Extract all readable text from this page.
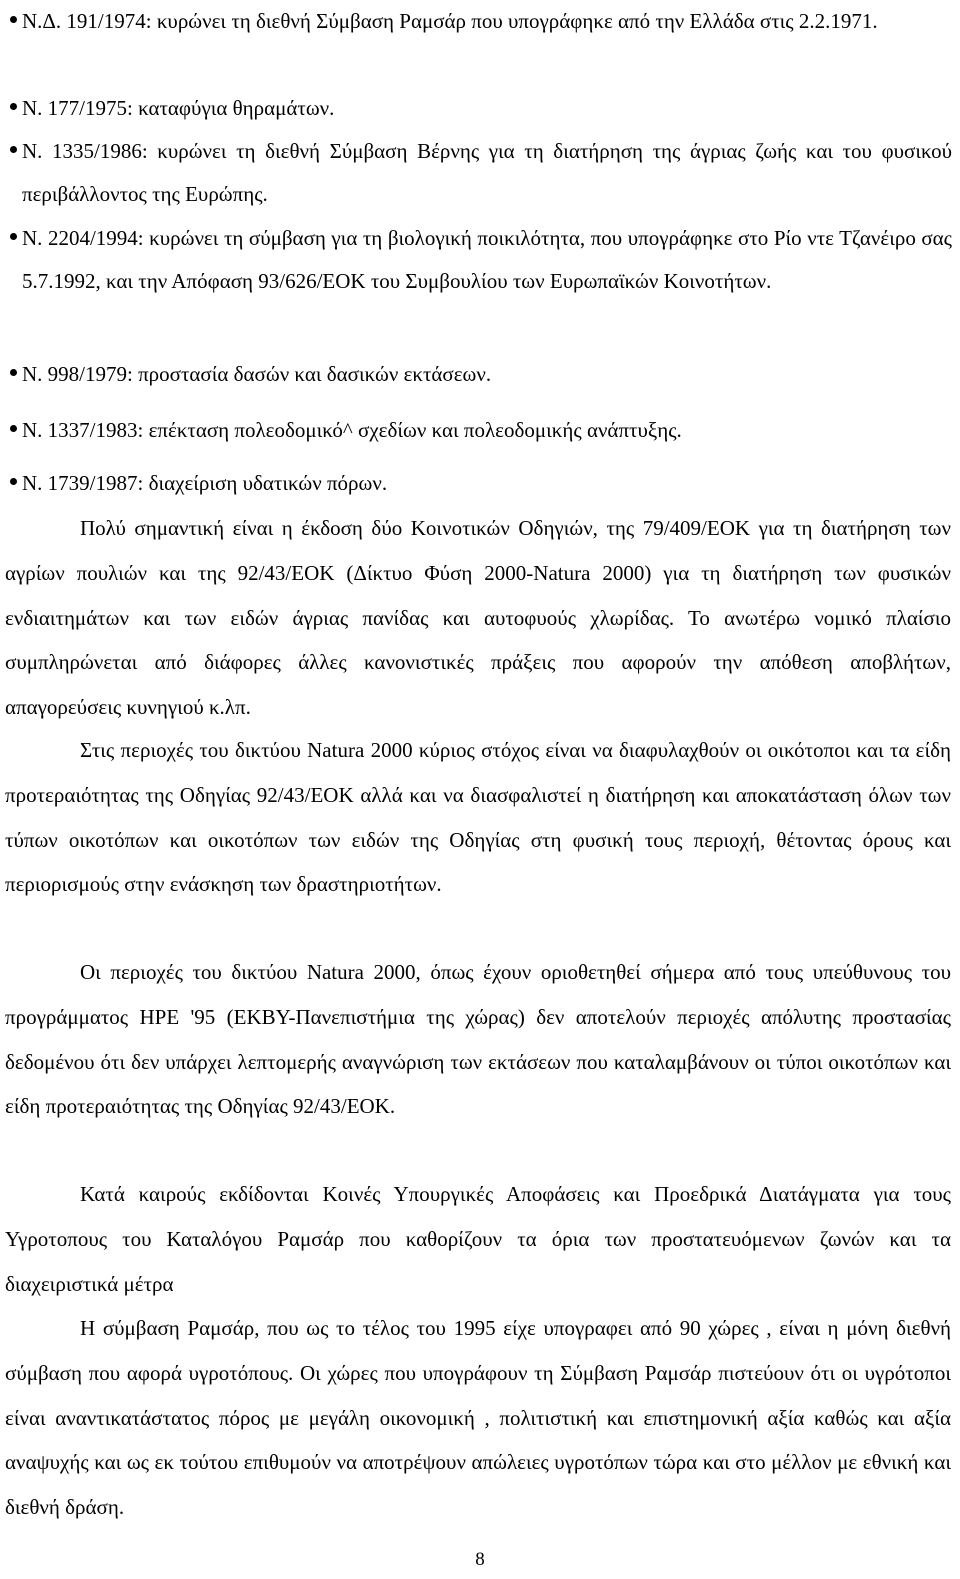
Ν.Δ. 191/1974: κυρώνει τη διεθνή Σύμβαση Ραμσάρ που υπογράφηκε από την Ελλάδα στις 2.2.1971.
Ν. 177/1975: καταφύγια θηραμάτων.
Ν. 1335/1986: κυρώνει τη διεθνή Σύμβαση Βέρνης για τη διατήρηση της άγριας ζωής και του φυσικού περιβάλλοντος της Ευρώπης.
Ν. 2204/1994: κυρώνει τη σύμβαση για τη βιολογική ποικιλότητα, που υπογράφηκε στο Ρίο ντε Τζανέιρο σας 5.7.1992, και την Απόφαση 93/626/ΕΟΚ του Συμβουλίου των Ευρωπαϊκών Κοινοτήτων.
Ν. 998/1979: προστασία δασών και δασικών εκτάσεων.
Ν. 1337/1983: επέκταση πολεοδομικό^ σχεδίων και πολεοδομικής ανάπτυξης.
Ν. 1739/1987: διαχείριση υδατικών πόρων.

Πολύ σημαντική είναι η έκδοση δύο Κοινοτικών Οδηγιών, της 79/409/ΕΟΚ για τη διατήρηση των αγρίων πουλιών και της 92/43/ΕΟΚ (Δίκτυο Φύση 2000-Natura 2000) για τη διατήρηση των φυσικών ενδιαιτημάτων και των ειδών άγριας πανίδας και αυτοφυούς χλωρίδας. Το ανωτέρω νομικό πλαίσιο συμπληρώνεται από διάφορες άλλες κανονιστικές πράξεις που αφορούν την απόθεση αποβλήτων, απαγορεύσεις κυνηγιού κ.λπ.

Στις περιοχές του δικτύου Natura 2000 κύριος στόχος είναι να διαφυλαχθούν οι οικότοποι και τα είδη προτεραιότητας της Οδηγίας 92/43/ΕΟΚ αλλά και να διασφαλιστεί η διατήρηση και αποκατάσταση όλων των τύπων οικοτόπων και οικοτόπων των ειδών της Οδηγίας στη φυσική τους περιοχή, θέτοντας όρους και περιορισμούς στην ενάσκηση των δραστηριοτήτων.

Οι περιοχές του δικτύου Natura 2000, όπως έχουν οριοθετηθεί σήμερα από τους υπεύθυνους του προγράμματος ΗΡΕ '95 (ΕΚΒΥ-Πανεπιστήμια της χώρας) δεν αποτελούν περιοχές απόλυτης προστασίας δεδομένου ότι δεν υπάρχει λεπτομερής αναγνώριση των εκτάσεων που καταλαμβάνουν οι τύποι οικοτόπων και είδη προτεραιότητας της Οδηγίας 92/43/ΕΟΚ.

Κατά καιρούς εκδίδονται Κοινές Υπουργικές Αποφάσεις και Προεδρικά Διατάγματα για τους Υγροτοπους του Καταλόγου Ραμσάρ που καθορίζουν τα όρια των προστατευόμενων ζωνών και τα διαχειριστικά μέτρα

Η σύμβαση Ραμσάρ, που ως το τέλος του 1995 είχε υπογραφει από 90 χώρες , είναι η μόνη διεθνή σύμβαση που αφορά υγροτόπους. Οι χώρες που υπογράφουν τη Σύμβαση Ραμσάρ πιστεύουν ότι οι υγρότοποι είναι αναντικατάστατος πόρος με μεγάλη οικονομική , πολιτιστική και επιστημονική αξία καθώς και αξία αναψυχής και ως εκ τούτου επιθυμούν να αποτρέψουν απώλειες υγροτόπων τώρα και στο μέλλον με εθνική και διεθνή δράση.

8
